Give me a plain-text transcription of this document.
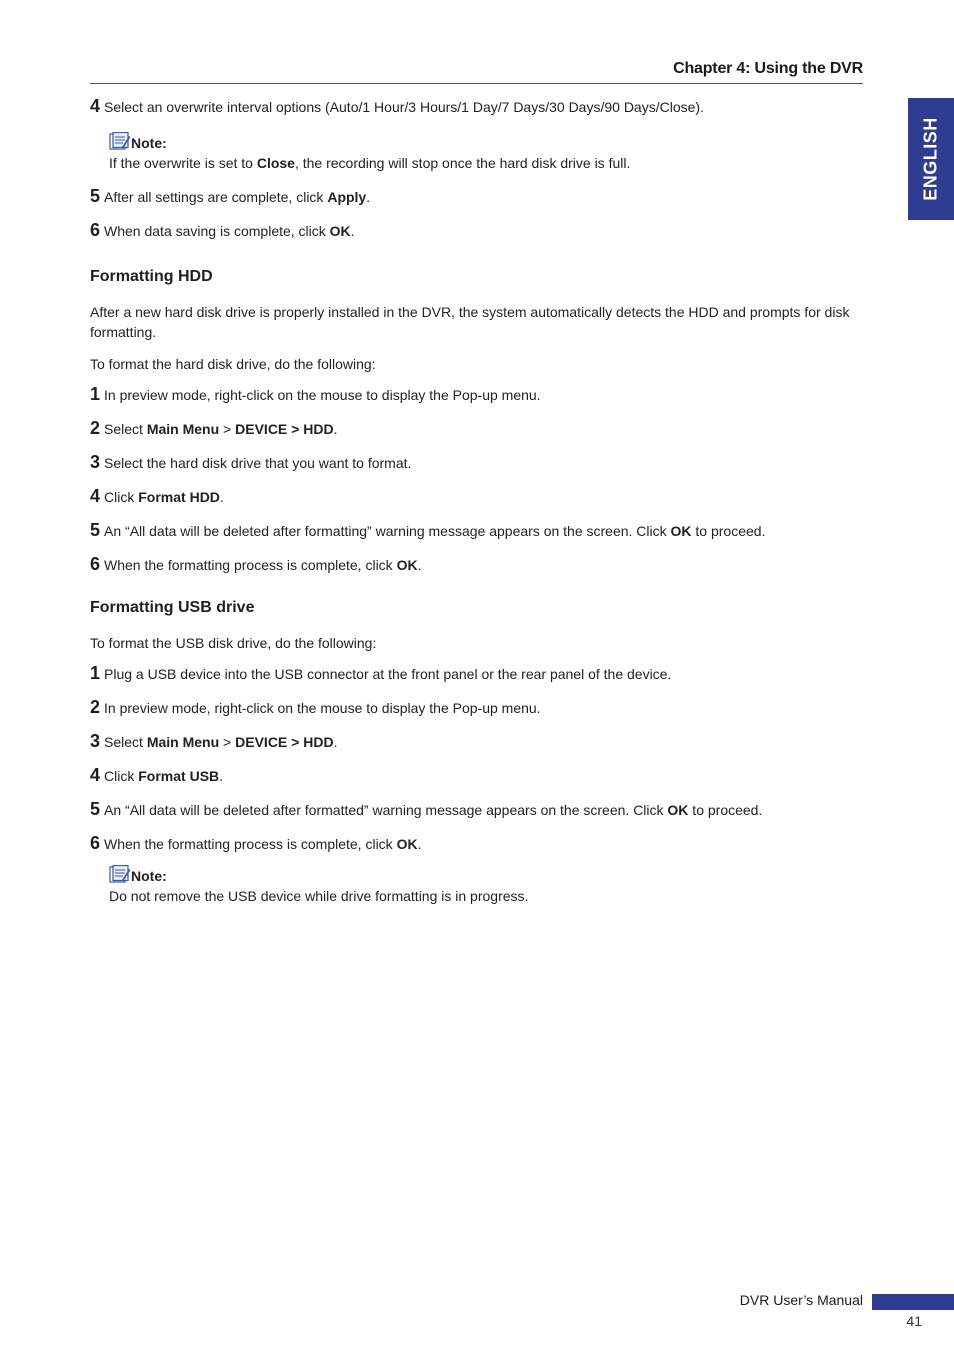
Chapter 4: Using the DVR
ENGLISH
4 Select an overwrite interval options (Auto/1 Hour/3 Hours/1 Day/7 Days/30 Days/90 Days/Close).
Note:
If the overwrite is set to Close, the recording will stop once the hard disk drive is full.
5 After all settings are complete, click Apply.
6 When data saving is complete, click OK.
Formatting HDD
After a new hard disk drive is properly installed in the DVR, the system automatically detects the HDD and prompts for disk formatting.
To format the hard disk drive, do the following:
1 In preview mode, right-click on the mouse to display the Pop-up menu.
2 Select Main Menu > DEVICE > HDD.
3 Select the hard disk drive that you want to format.
4 Click Format HDD.
5 An “All data will be deleted after formatting” warning message appears on the screen. Click OK to proceed.
6 When the formatting process is complete, click OK.
Formatting USB drive
To format the USB disk drive, do the following:
1 Plug a USB device into the USB connector at the front panel or the rear panel of the device.
2 In preview mode, right-click on the mouse to display the Pop-up menu.
3 Select Main Menu > DEVICE > HDD.
4 Click Format USB.
5 An “All data will be deleted after formatted” warning message appears on the screen. Click OK to proceed.
6 When the formatting process is complete, click OK.
Note:
Do not remove the USB device while drive formatting is in progress.
DVR User’s Manual
41
